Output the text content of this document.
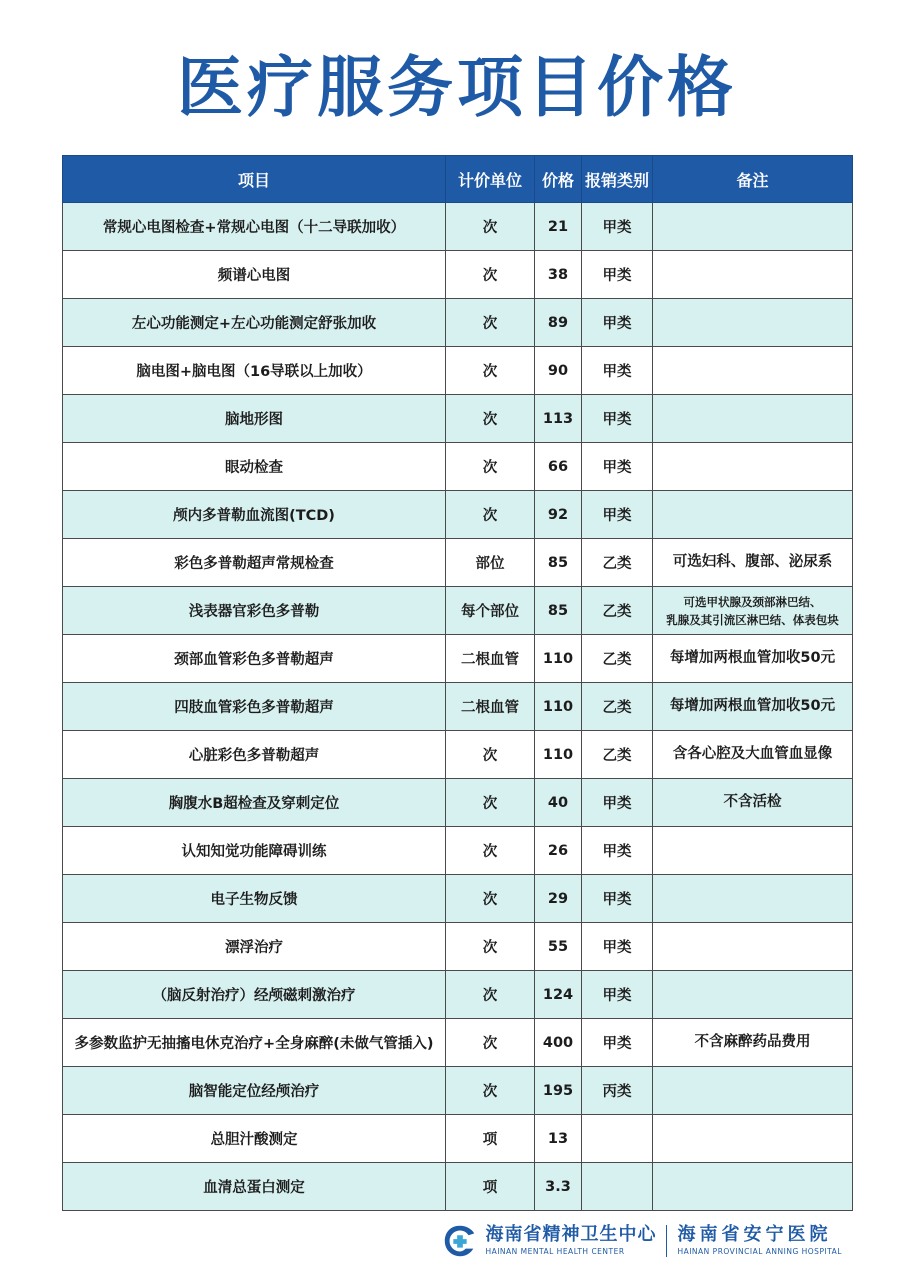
医疗服务项目价格
项目	计价单位	价格	报销类别	备注
常规心电图检查+常规心电图（十二导联加收）	次	21	甲类	
频谱心电图	次	38	甲类	
左心功能测定+左心功能测定舒张加收	次	89	甲类	
脑电图+脑电图（16导联以上加收）	次	90	甲类	
脑地形图	次	113	甲类	
眼动检查	次	66	甲类	
颅内多普勒血流图(TCD)	次	92	甲类	
彩色多普勒超声常规检查	部位	85	乙类	可选妇科、腹部、泌尿系
浅表器官彩色多普勒	每个部位	85	乙类	可选甲状腺及颈部淋巴结、
乳腺及其引流区淋巴结、体表包块

颈部血管彩色多普勒超声	二根血管	110	乙类	每增加两根血管加收50元
四肢血管彩色多普勒超声	二根血管	110	乙类	每增加两根血管加收50元
心脏彩色多普勒超声	次	110	乙类	含各心腔及大血管血显像
胸腹水B超检查及穿刺定位	次	40	甲类	不含活检
认知知觉功能障碍训练	次	26	甲类	
电子生物反馈	次	29	甲类	
漂浮治疗	次	55	甲类	
（脑反射治疗）经颅磁刺激治疗	次	124	甲类	
多参数监护无抽搐电休克治疗+全身麻醉(未做气管插入)	次	400	甲类	不含麻醉药品费用
脑智能定位经颅治疗	次	195	丙类	
总胆汁酸测定	项	13		
血清总蛋白测定	项	3.3		
海南省精神卫生中心
HAINAN MENTAL HEALTH CENTER
海南省安宁医院
HAINAN PROVINCIAL ANNING HOSPITAL
